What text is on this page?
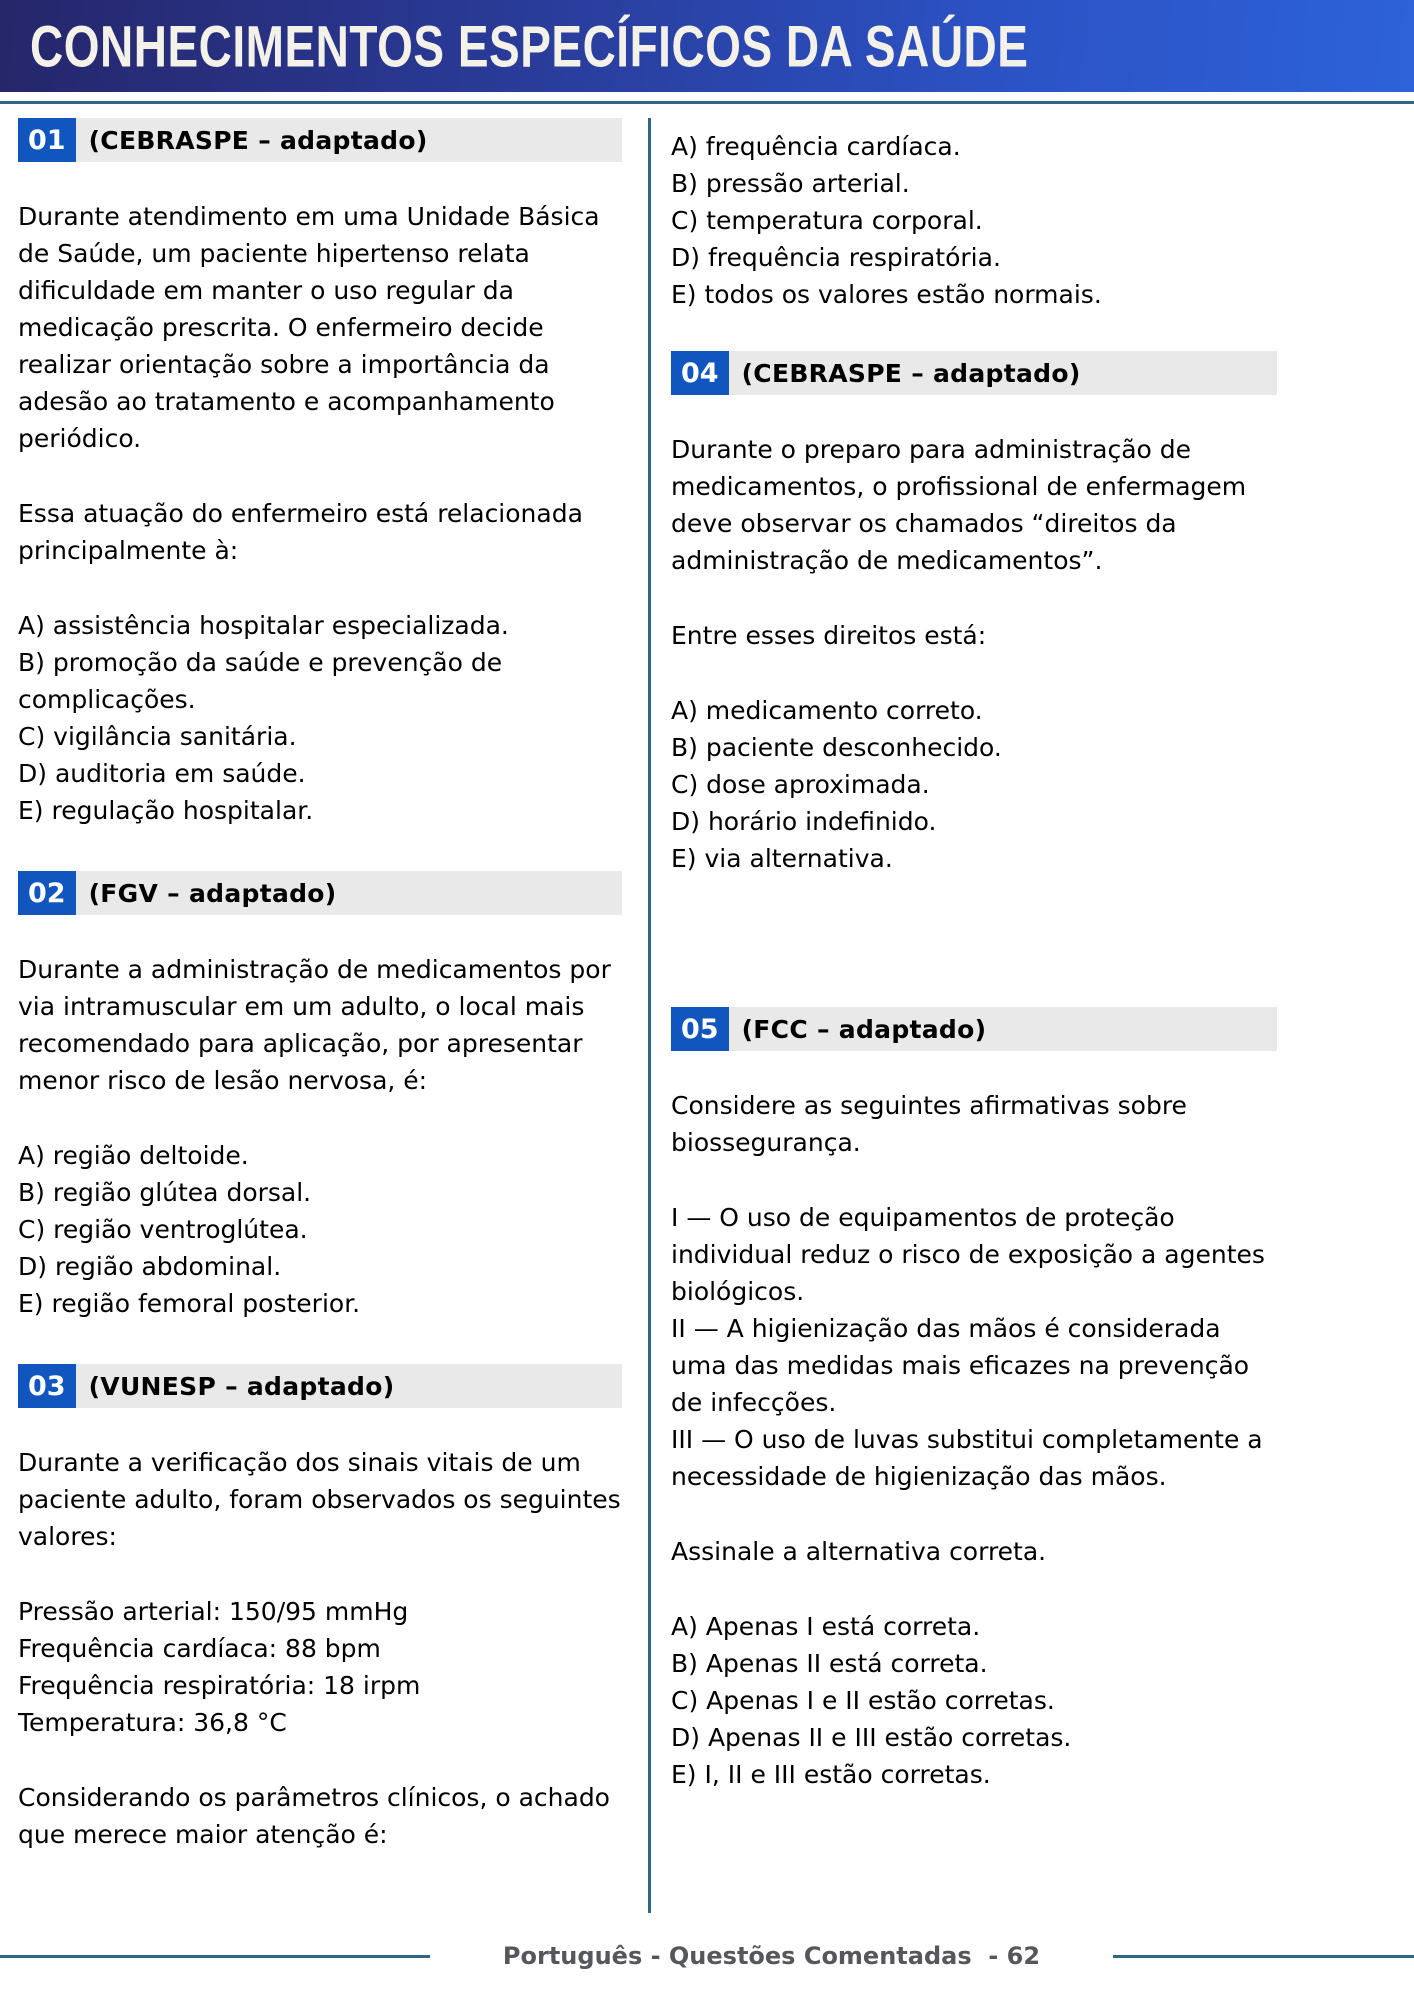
CONHECIMENTOS ESPECÍFICOS DA SAÚDE
01 (CEBRASPE – adaptado)

Durante atendimento em uma Unidade Básica de Saúde, um paciente hipertenso relata dificuldade em manter o uso regular da medicação prescrita. O enfermeiro decide realizar orientação sobre a importância da adesão ao tratamento e acompanhamento periódico.

Essa atuação do enfermeiro está relacionada principalmente à:

A) assistência hospitalar especializada.
B) promoção da saúde e prevenção de complicações.
C) vigilância sanitária.
D) auditoria em saúde.
E) regulação hospitalar.
02 (FGV – adaptado)

Durante a administração de medicamentos por via intramuscular em um adulto, o local mais recomendado para aplicação, por apresentar menor risco de lesão nervosa, é:

A) região deltoide.
B) região glútea dorsal.
C) região ventroglútea.
D) região abdominal.
E) região femoral posterior.
03 (VUNESP – adaptado)

Durante a verificação dos sinais vitais de um paciente adulto, foram observados os seguintes valores:

Pressão arterial: 150/95 mmHg
Frequência cardíaca: 88 bpm
Frequência respiratória: 18 irpm
Temperatura: 36,8 °C

Considerando os parâmetros clínicos, o achado que merece maior atenção é:

A) frequência cardíaca.
B) pressão arterial.
C) temperatura corporal.
D) frequência respiratória.
E) todos os valores estão normais.
04 (CEBRASPE – adaptado)

Durante o preparo para administração de medicamentos, o profissional de enfermagem deve observar os chamados “direitos da administração de medicamentos”.

Entre esses direitos está:

A) medicamento correto.
B) paciente desconhecido.
C) dose aproximada.
D) horário indefinido.
E) via alternativa.
05 (FCC – adaptado)

Considere as seguintes afirmativas sobre biossegurança.

I — O uso de equipamentos de proteção individual reduz o risco de exposição a agentes biológicos.
II — A higienização das mãos é considerada uma das medidas mais eficazes na prevenção de infecções.
III — O uso de luvas substitui completamente a necessidade de higienização das mãos.

Assinale a alternativa correta.

A) Apenas I está correta.
B) Apenas II está correta.
C) Apenas I e II estão corretas.
D) Apenas II e III estão corretas.
E) I, II e III estão corretas.
Português - Questões Comentadas  - 62
